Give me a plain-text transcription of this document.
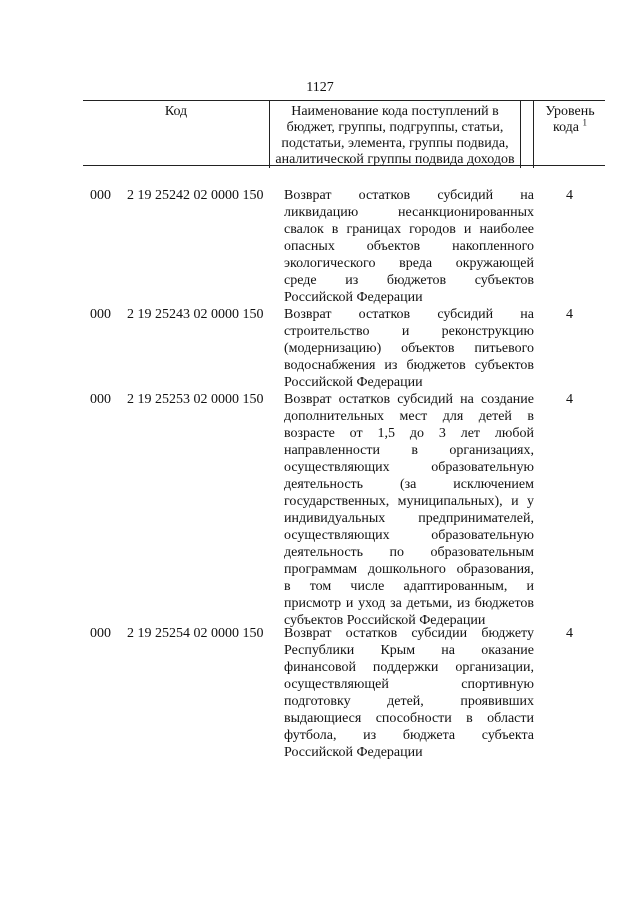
1127
Код	Наименование кода поступлений в
бюджет, группы, подгруппы, статьи,
подстатьи, элемента, группы подвида,
аналитической группы подвида доходов
Уровень
кода $^1$
000 2 19 25242 02 0000 150 Возврат остатков субсидий на
ликвидацию несанкционированных
свалок в границах городов и наиболее
опасных объектов накопленного
экологического вреда окружающей
среде из бюджетов субъектов
Российской Федерации
4
000 2 19 25243 02 0000 150 Возврат остатков субсидий на
строительство и реконструкцию
(модернизацию) объектов питьевого
водоснабжения из бюджетов субъектов
Российской Федерации
4
000 2 19 25253 02 0000 150 Возврат остатков субсидий на создание
дополнительных мест для детей в
возрасте от 1,5 до 3 лет любой
направленности в организациях,
осуществляющих образовательную
деятельность (за исключением
государственных, муниципальных), и у
индивидуальных предпринимателей,
осуществляющих образовательную
деятельность по образовательным
программам дошкольного образования,
в том числе адаптированным, и
присмотр и уход за детьми, из бюджетов
субъектов Российской Федерации
4
000 2 19 25254 02 0000 150 Возврат остатков субсидии бюджету
Республики Крым на оказание
финансовой поддержки организации,
осуществляющей спортивную
подготовку детей, проявивших
выдающиеся способности в области
футбола, из бюджета субъекта
Российской Федерации
4
